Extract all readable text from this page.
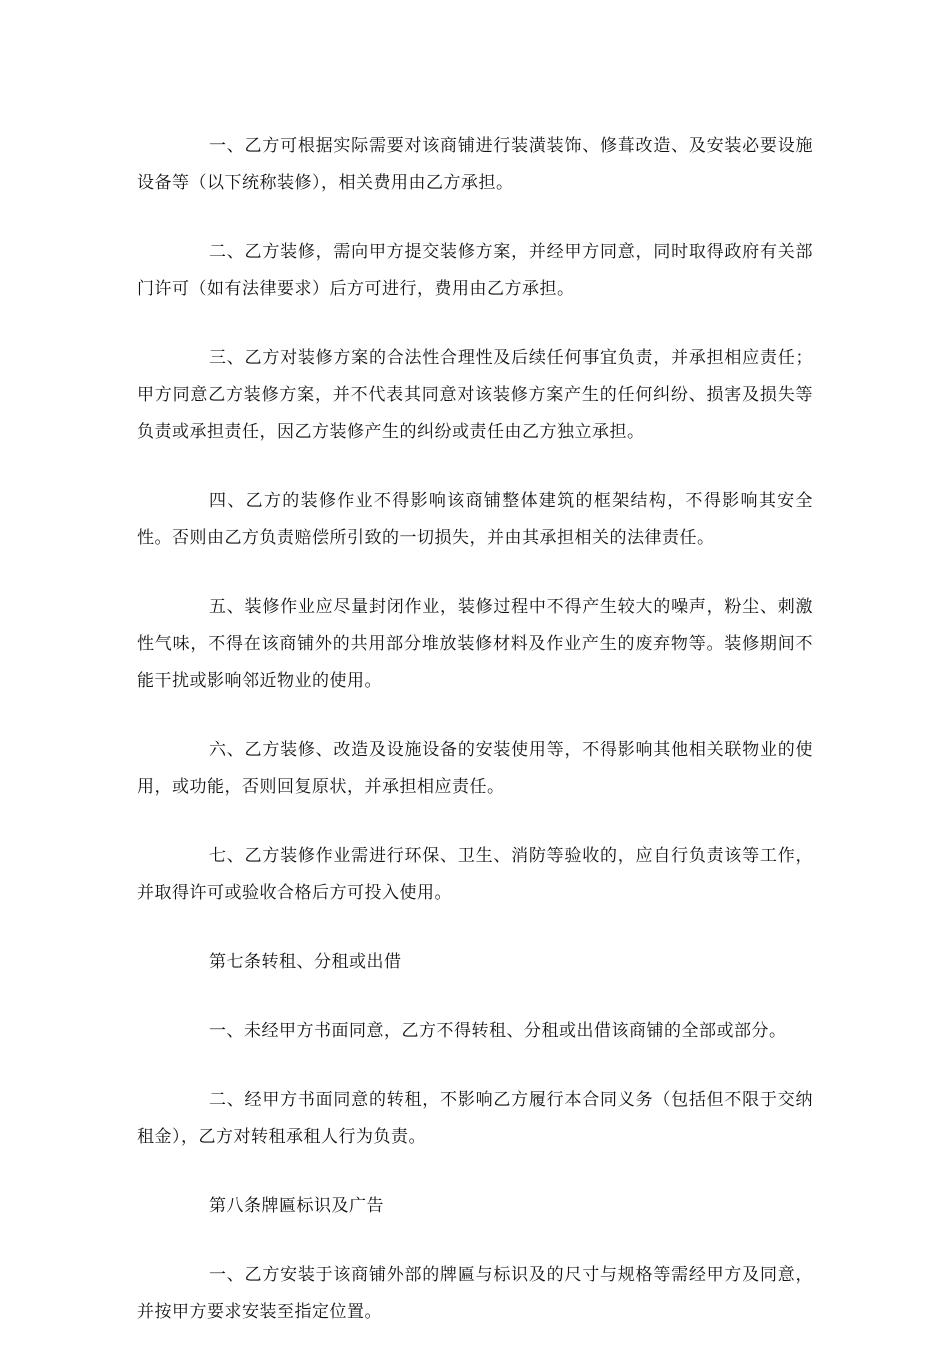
一、乙方可根据实际需要对该商铺进行装潢装饰、修葺改造、及安装必要设施设备等（以下统称装修），相关费用由乙方承担。

二、乙方装修，需向甲方提交装修方案，并经甲方同意，同时取得政府有关部门许可（如有法律要求）后方可进行，费用由乙方承担。

三、乙方对装修方案的合法性合理性及后续任何事宜负责，并承担相应责任；甲方同意乙方装修方案，并不代表其同意对该装修方案产生的任何纠纷、损害及损失等负责或承担责任，因乙方装修产生的纠纷或责任由乙方独立承担。

四、乙方的装修作业不得影响该商铺整体建筑的框架结构，不得影响其安全性。否则由乙方负责赔偿所引致的一切损失，并由其承担相关的法律责任。

五、装修作业应尽量封闭作业，装修过程中不得产生较大的噪声，粉尘、刺激性气味，不得在该商铺外的共用部分堆放装修材料及作业产生的废弃物等。装修期间不能干扰或影响邻近物业的使用。

六、乙方装修、改造及设施设备的安装使用等，不得影响其他相关联物业的使用，或功能，否则回复原状，并承担相应责任。

七、乙方装修作业需进行环保、卫生、消防等验收的，应自行负责该等工作，并取得许可或验收合格后方可投入使用。

第七条转租、分租或出借

一、未经甲方书面同意，乙方不得转租、分租或出借该商铺的全部或部分。

二、经甲方书面同意的转租，不影响乙方履行本合同义务（包括但不限于交纳租金），乙方对转租承租人行为负责。

第八条牌匾标识及广告

一、乙方安装于该商铺外部的牌匾与标识及的尺寸与规格等需经甲方及同意，并按甲方要求安装至指定位置。
